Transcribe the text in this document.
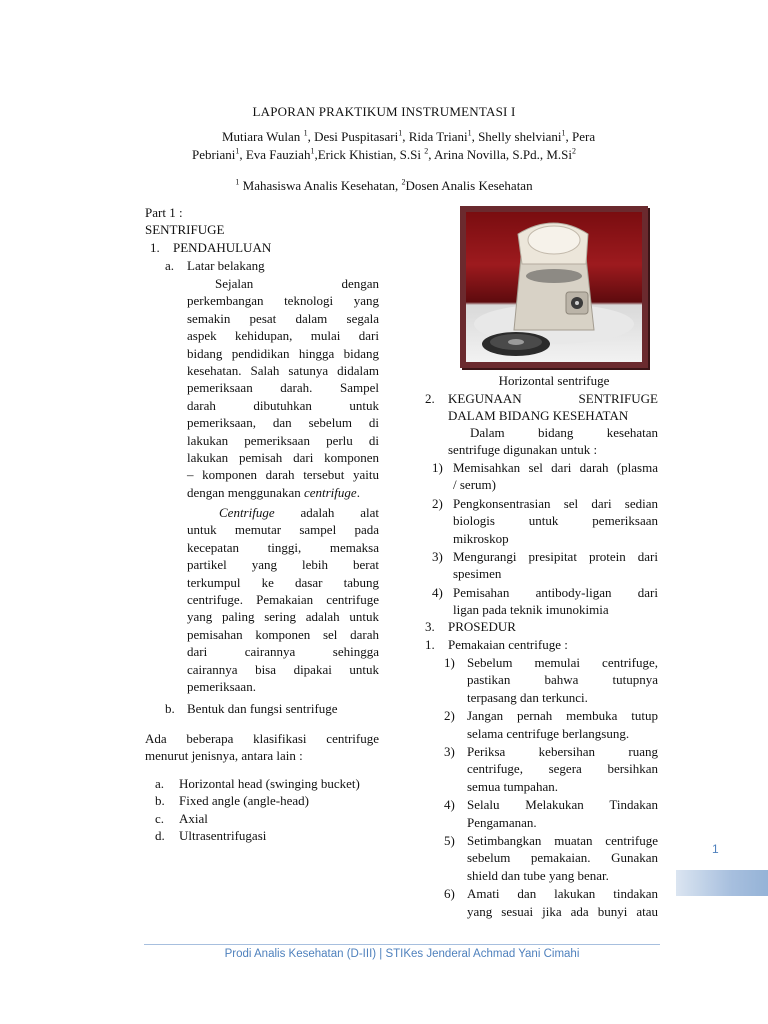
LAPORAN PRAKTIKUM INSTRUMENTASI I
Mutiara Wulan $^1$, Desi Puspitasari$^1$, Rida Triani$^1$, Shelly shelviani$^1$, Pera
Pebriani$^1$, Eva Fauziah$^1$,Erick Khistian, S.Si $^2$, Arina Novilla, S.Pd., M.Si$^2$
$^1$ Mahasiswa Analis Kesehatan, $^2$Dosen Analis Kesehatan
Part 1 :
SENTRIFUGE
1. PENDAHULUAN
a. Latar belakang
Sejalan dengan
perkembangan teknologi yang
semakin pesat dalam segala
aspek kehidupan, mulai dari
bidang pendidikan hingga bidang
kesehatan. Salah satunya didalam
pemeriksaan darah. Sampel
darah dibutuhkan untuk
pemeriksaan, dan sebelum di
lakukan pemeriksaan perlu di
lakukan pemisah dari komponen
– komponen darah tersebut yaitu
dengan menggunakan centrifuge.
Centrifuge adalah alat
untuk memutar sampel pada
kecepatan tinggi, memaksa
partikel yang lebih berat
terkumpul ke dasar tabung
centrifuge. Pemakaian centrifuge
yang paling sering adalah untuk
pemisahan komponen sel darah
dari cairannya sehingga
cairannya bisa dipakai untuk
pemeriksaan.
b. Bentuk dan fungsi sentrifuge
Ada beberapa klasifikasi centrifuge
menurut jenisnya, antara lain :
a. Horizontal head (swinging bucket)
b. Fixed angle (angle-head)
c. Axial
d. Ultrasentrifugasi
Horizontal sentrifuge
2. KEGUNAAN SENTRIFUGE
DALAM BIDANG KESEHATAN
Dalam bidang kesehatan
sentrifuge digunakan untuk :
1) Memisahkan sel dari darah (plasma
/ serum)
2) Pengkonsentrasian sel dari sedian
biologis untuk pemeriksaan
mikroskop
3) Mengurangi presipitat protein dari
spesimen
4) Pemisahan antibody-ligan dari
ligan pada teknik imunokimia
3. PROSEDUR
1. Pemakaian centrifuge :
1) Sebelum memulai centrifuge,
pastikan bahwa tutupnya
terpasang dan terkunci.
2) Jangan pernah membuka tutup
selama centrifuge berlangsung.
3) Periksa kebersihan ruang
centrifuge, segera bersihkan
semua tumpahan.
4) Selalu Melakukan Tindakan
Pengamanan.
5) Setimbangkan muatan centrifuge
sebelum pemakaian. Gunakan
shield dan tube yang benar.
6) Amati dan lakukan tindakan
yang sesuai jika ada bunyi atau
1
Prodi Analis Kesehatan (D-III) | STIKes Jenderal Achmad Yani Cimahi
